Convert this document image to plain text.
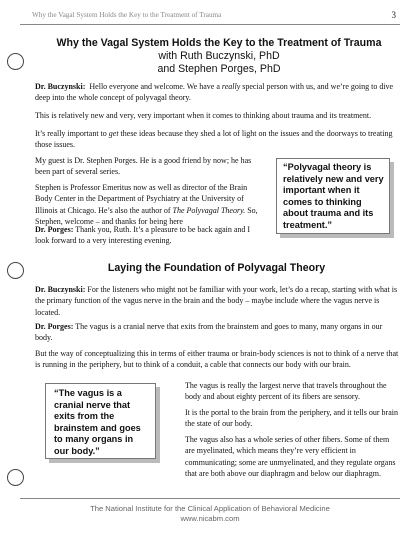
Why the Vagal System Holds the Key to the Treatment of Trauma	3
Why the Vagal System Holds the Key to the Treatment of Trauma
with Ruth Buczynski, PhD
and Stephen Porges, PhD

Dr. Buczynski: Hello everyone and welcome. We have a really special person with us, and we’re going to dive deep into the whole concept of polyvagal theory.

This is relatively new and very, very important when it comes to thinking about trauma and its treatment.

It’s really important to get these ideas because they shed a lot of light on the issues and the doorways to treating those issues.

My guest is Dr. Stephen Porges. He is a good friend by now; he has been part of several series.

Stephen is Professor Emeritus now as well as director of the Brain Body Center in the Department of Psychiatry at the University of Illinois at Chicago. He’s also the author of The Polyvagal Theory. So, Stephen, welcome – and thanks for being here

Dr. Porges: Thank you, Ruth. It’s a pleasure to be back again and I look forward to a very interesting evening.

“Polyvagal theory is relatively new and very important when it comes to thinking about trauma and its treatment.”
Laying the Foundation of Polyvagal Theory

Dr. Buczynski: For the listeners who might not be familiar with your work, let’s do a recap, starting with what is the primary function of the vagus nerve in the brain and the body – maybe include where the vagus nerve is located.

Dr. Porges: The vagus is a cranial nerve that exits from the brainstem and goes to many, many organs in our body.

But the way of conceptualizing this in terms of either trauma or brain-body sciences is not to think of a nerve that is running in the periphery, but to think of a conduit, a cable that connects our body with our brain.

“The vagus is a cranial nerve that exits from the brainstem and goes to many organs in our body.”

The vagus is really the largest nerve that travels throughout the body and about eighty percent of its fibers are sensory.

It is the portal to the brain from the periphery, and it tells our brain the state of our body.

The vagus also has a whole series of other fibers. Some of them are myelinated, which means they’re very efficient in communicating; some are unmyelinated, and they regulate organs that are both above our diaphragm and below our diaphragm.

The National Institute for the Clinical Application of Behavioral Medicine
www.nicabm.com
